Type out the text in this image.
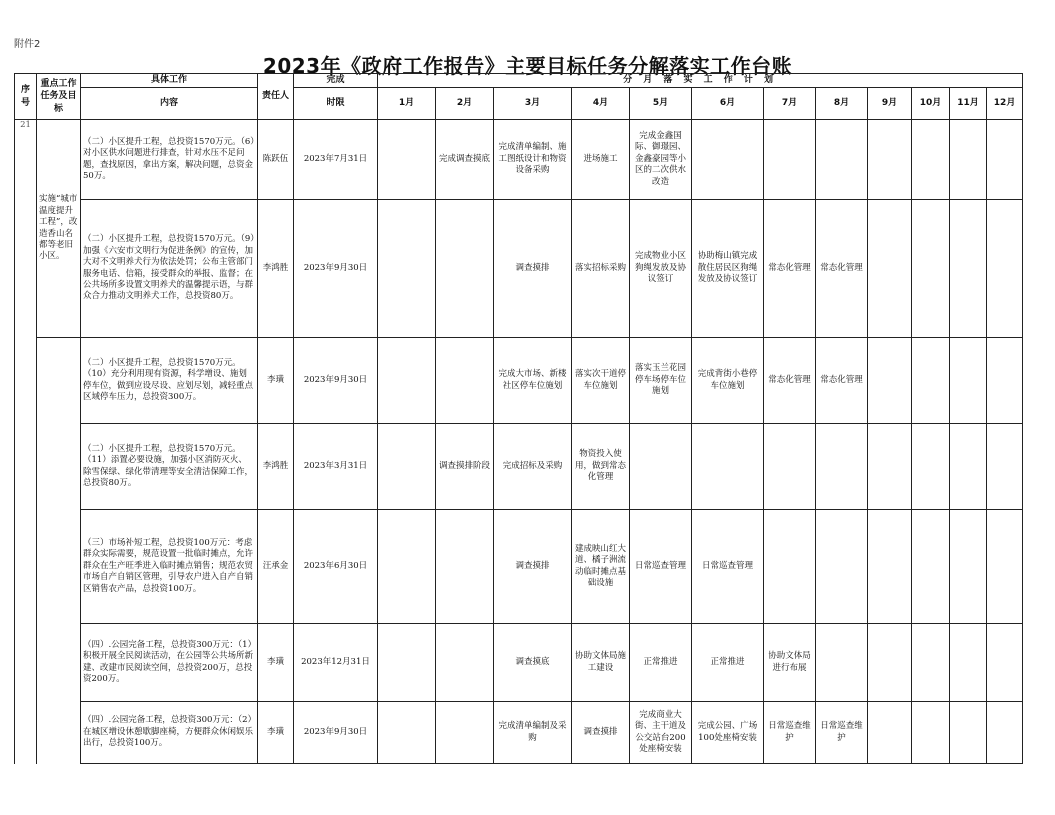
附件2
2023年《政府工作报告》主要目标任务分解落实工作台账
序号	重点工作任务及目标	具体工作	责任人	完成	分 月 落 实 工 作 计 划											
		内容		时限	1月	2月	3月	4月	5月	6月	7月	8月	9月	10月	11月	12月
21	实施“城市温度提升工程”，改造香山名都等老旧小区。	（二）小区提升工程，总投资1570万元。（6）对小区供水问题进行排查，针对水压不足问题，查找原因，拿出方案，解决问题，总资金50万。	陈跃伍	2023年7月31日		完成调查摸底	完成清单编制、施工图纸设计和物资设备采购	进场施工	完成金鑫国际、御璟园、金鑫豪园等小区的二次供水改造							
		（二）小区提升工程，总投资1570万元。（9）加强《六安市文明行为促进条例》的宣传，加大对不文明养犬行为依法处罚；公布主管部门服务电话、信箱，接受群众的举报、监督；在公共场所多设置文明养犬的温馨提示语，与群众合力推动文明养犬工作，总投资80万。	李鸿胜	2023年9月30日			调查摸排	落实招标采购	完成物业小区狗绳发放及协议签订	协助梅山镇完成散住居民区狗绳发放及协议签订	常态化管理	常态化管理				
		（二）小区提升工程，总投资1570万元。（10）充分利用现有资源，科学增设、施划停车位，做到应设尽设、应划尽划，减轻重点区域停车压力，总投资300万。	李璜	2023年9月30日			完成大市场、新楼社区停车位施划	落实次干道停车位施划	落实玉兰花园停车场停车位施划	完成背街小巷停车位施划	常态化管理	常态化管理				
		（二）小区提升工程，总投资1570万元。（11）添置必要设施，加强小区消防灭火、除雪保绿、绿化带清理等安全清洁保障工作，总投资80万。	李鸿胜	2023年3月31日		调查摸排阶段	完成招标及采购	物资投入使用，做到常态化管理								
		（三）市场补短工程，总投资100万元：考虑群众实际需要，规范设置一批临时摊点，允许群众在生产旺季进入临时摊点销售；规范农贸市场自产自销区管理，引导农户进入自产自销区销售农产品，总投资100万。	汪承金	2023年6月30日			调查摸排	建成映山红大道、橘子洲流动临时摊点基础设施	日常巡查管理	日常巡查管理						
		（四）.公园完备工程，总投资300万元：（1）积极开展全民阅读活动，在公园等公共场所新建、改建市民阅读空间，总投资200万，总投资200万。	李璜	2023年12月31日			调查摸底	协助文体局施工建设	正常推进	正常推进	协助文体局进行布展					
		（四）.公园完备工程，总投资300万元：（2）在城区增设休憩歇脚座椅，方便群众休闲娱乐出行，总投资100万。	李璜	2023年9月30日			完成清单编制及采购	调查摸排	完成商业大街、主干道及公交站台200处座椅安装	完成公园、广场100处座椅安装	日常巡查维护	日常巡查维护				
